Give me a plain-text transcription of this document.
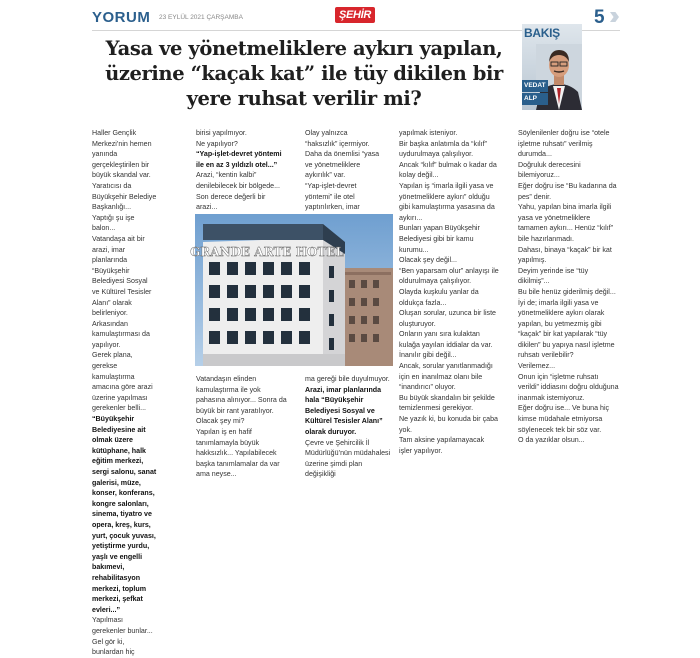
YORUM 23 EYLÜL 2021 ÇARŞAMBA	ŞEHİR	5
Yasa ve yönetmeliklere aykırı yapılan, üzerine “kaçak kat” ile tüy dikilen bir yere ruhsat verilir mi?
BAKIŞ
VEDAT
ALP

Haller Gençlik Merkezi’nin hemen yanında gerçekleştirilen bir büyük skandal var.

Yaratıcısı da Büyükşehir Belediye Başkanlığı...

Yaptığı şu işe balon...

Vatandaşa ait bir arazi, imar planlarında “Büyükşehir Belediyesi Sosyal ve Kültürel Tesisler Alanı” olarak belirleniyor.

Arkasından kamulaştırması da yapılıyor.

Gerek plana, gerekse kamulaştırma amacına göre arazi üzerine yapılması gerekenler belli...

“Büyükşehir Belediyesine ait olmak üzere kütüphane, halk eğitim merkezi, sergi salonu, sanat galerisi, müze, konser, konferans, kongre salonları, sinema, tiyatro ve opera, kreş, kurs, yurt, çocuk yuvası, yetiştirme yurdu, yaşlı ve engelli bakımevi, rehabilitasyon merkezi, toplum merkezi, şefkat evleri...”

Yapılması gerekenler bunlar...

Gel gör ki, bunlardan hiç

birisi yapılmıyor.

Ne yapılıyor?

“Yap-işlet-devret yöntemi ile en az 3 yıldızlı otel...”

Arazi, “kentin kalbi” denilebilecek bir bölgede... Son derece değerli bir arazi...

Olay yalnızca “haksızlık” içermiyor.

Daha da önemlisi “yasa ve yönetmeliklere aykırılık” var.

“Yap-işlet-devret yöntemi” ile otel yaptırılırken, imar

GRANDE ARTE HOTEL

yapılmak isteniyor.

Bir başka anlatımla da “kılıf” uydurulmaya çalışılıyor.

Ancak “kılıf” bulmak o kadar da kolay değil...

Yapılan iş “imarla ilgili yasa ve yönetmeliklere aykırı” olduğu gibi kamulaştırma yasasına da aykırı...

Bunları yapan Büyükşehir Belediyesi gibi bir kamu kurumu...

Olacak şey değil...

“Ben yaparsam olur” anlayışı ile oldurulmaya çalışılıyor.

Olayda kuşkulu yanlar da oldukça fazla...

Oluşan sorular, uzunca bir liste oluşturuyor.

Onların yanı sıra kulaktan kulağa yayılan iddialar da var.

İnanılır gibi değil...

Ancak, sorular yanıtlanmadığı için en inanılmaz olanı bile “inandırıcı” oluyor.

Bu büyük skandalın bir şekilde temizlenmesi gerekiyor.

Ne yazık ki, bu konuda bir çaba yok.

Tam aksine yapılamayacak işler yapılıyor.

Söylenilenler doğru ise “otele işletme ruhsatı” verilmiş durumda...

Doğruluk derecesini bilemiyoruz...

Eğer doğru ise “Bu kadarına da pes” denir.

Yahu, yapılan bina imarla ilgili yasa ve yönetmeliklere tamamen aykırı... Henüz “kılıf” bile hazırlanmadı.

Dahası, binaya “kaçak” bir kat yapılmış.

Deyim yerinde ise “tüy dikilmiş”...

Bu bile henüz giderilmiş değil...

İyi de; imarla ilgili yasa ve yönetmeliklere aykırı olarak yapılan, bu yetmezmiş gibi “kaçak” bir kat yapılarak “tüy dikilen” bu yapıya nasıl işletme ruhsatı verilebilir?

Verilemez...

Onun için “işletme ruhsatı verildi” iddiasını doğru olduğuna inanmak istemiyoruz.

Eğer doğru ise... Ve buna hiç kimse müdahale etmiyorsa söylenecek tek bir söz var.

O da yazıklar olsun...

Vatandaşın elinden kamulaştırma ile yok pahasına alınıyor... Sonra da büyük bir rant yaratılıyor.

Olacak şey mi?

Yapılan iş en hafif tanımlamayla büyük hakksızlık... Yapılabilecek başka tanımlamalar da var ama neyse...

ma gereği bile duyulmuyor.

Arazi, imar planlarında hala “Büyükşehir Belediyesi Sosyal ve Kültürel Tesisler Alanı” olarak duruyor.

Çevre ve Şehircilik İl Müdürlüğü’nün müdahalesi üzerine şimdi plan değişikliği
